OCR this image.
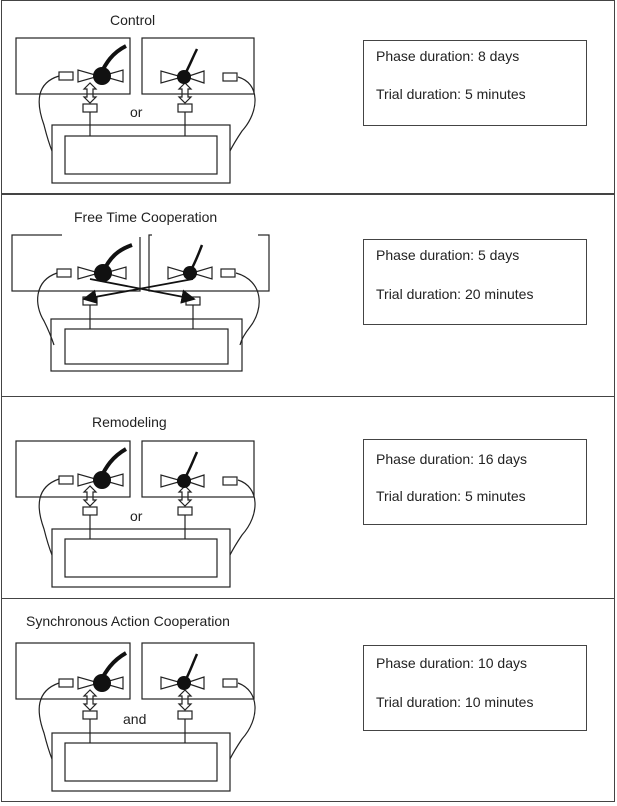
Control
or
Phase duration: 8 days
Trial duration: 5 minutes
Free Time Cooperation
Phase duration: 5 days
Trial duration: 20 minutes
Remodeling
or
Phase duration: 16 days
Trial duration: 5 minutes
Synchronous Action Cooperation
and
Phase duration: 10 days
Trial duration: 10 minutes
